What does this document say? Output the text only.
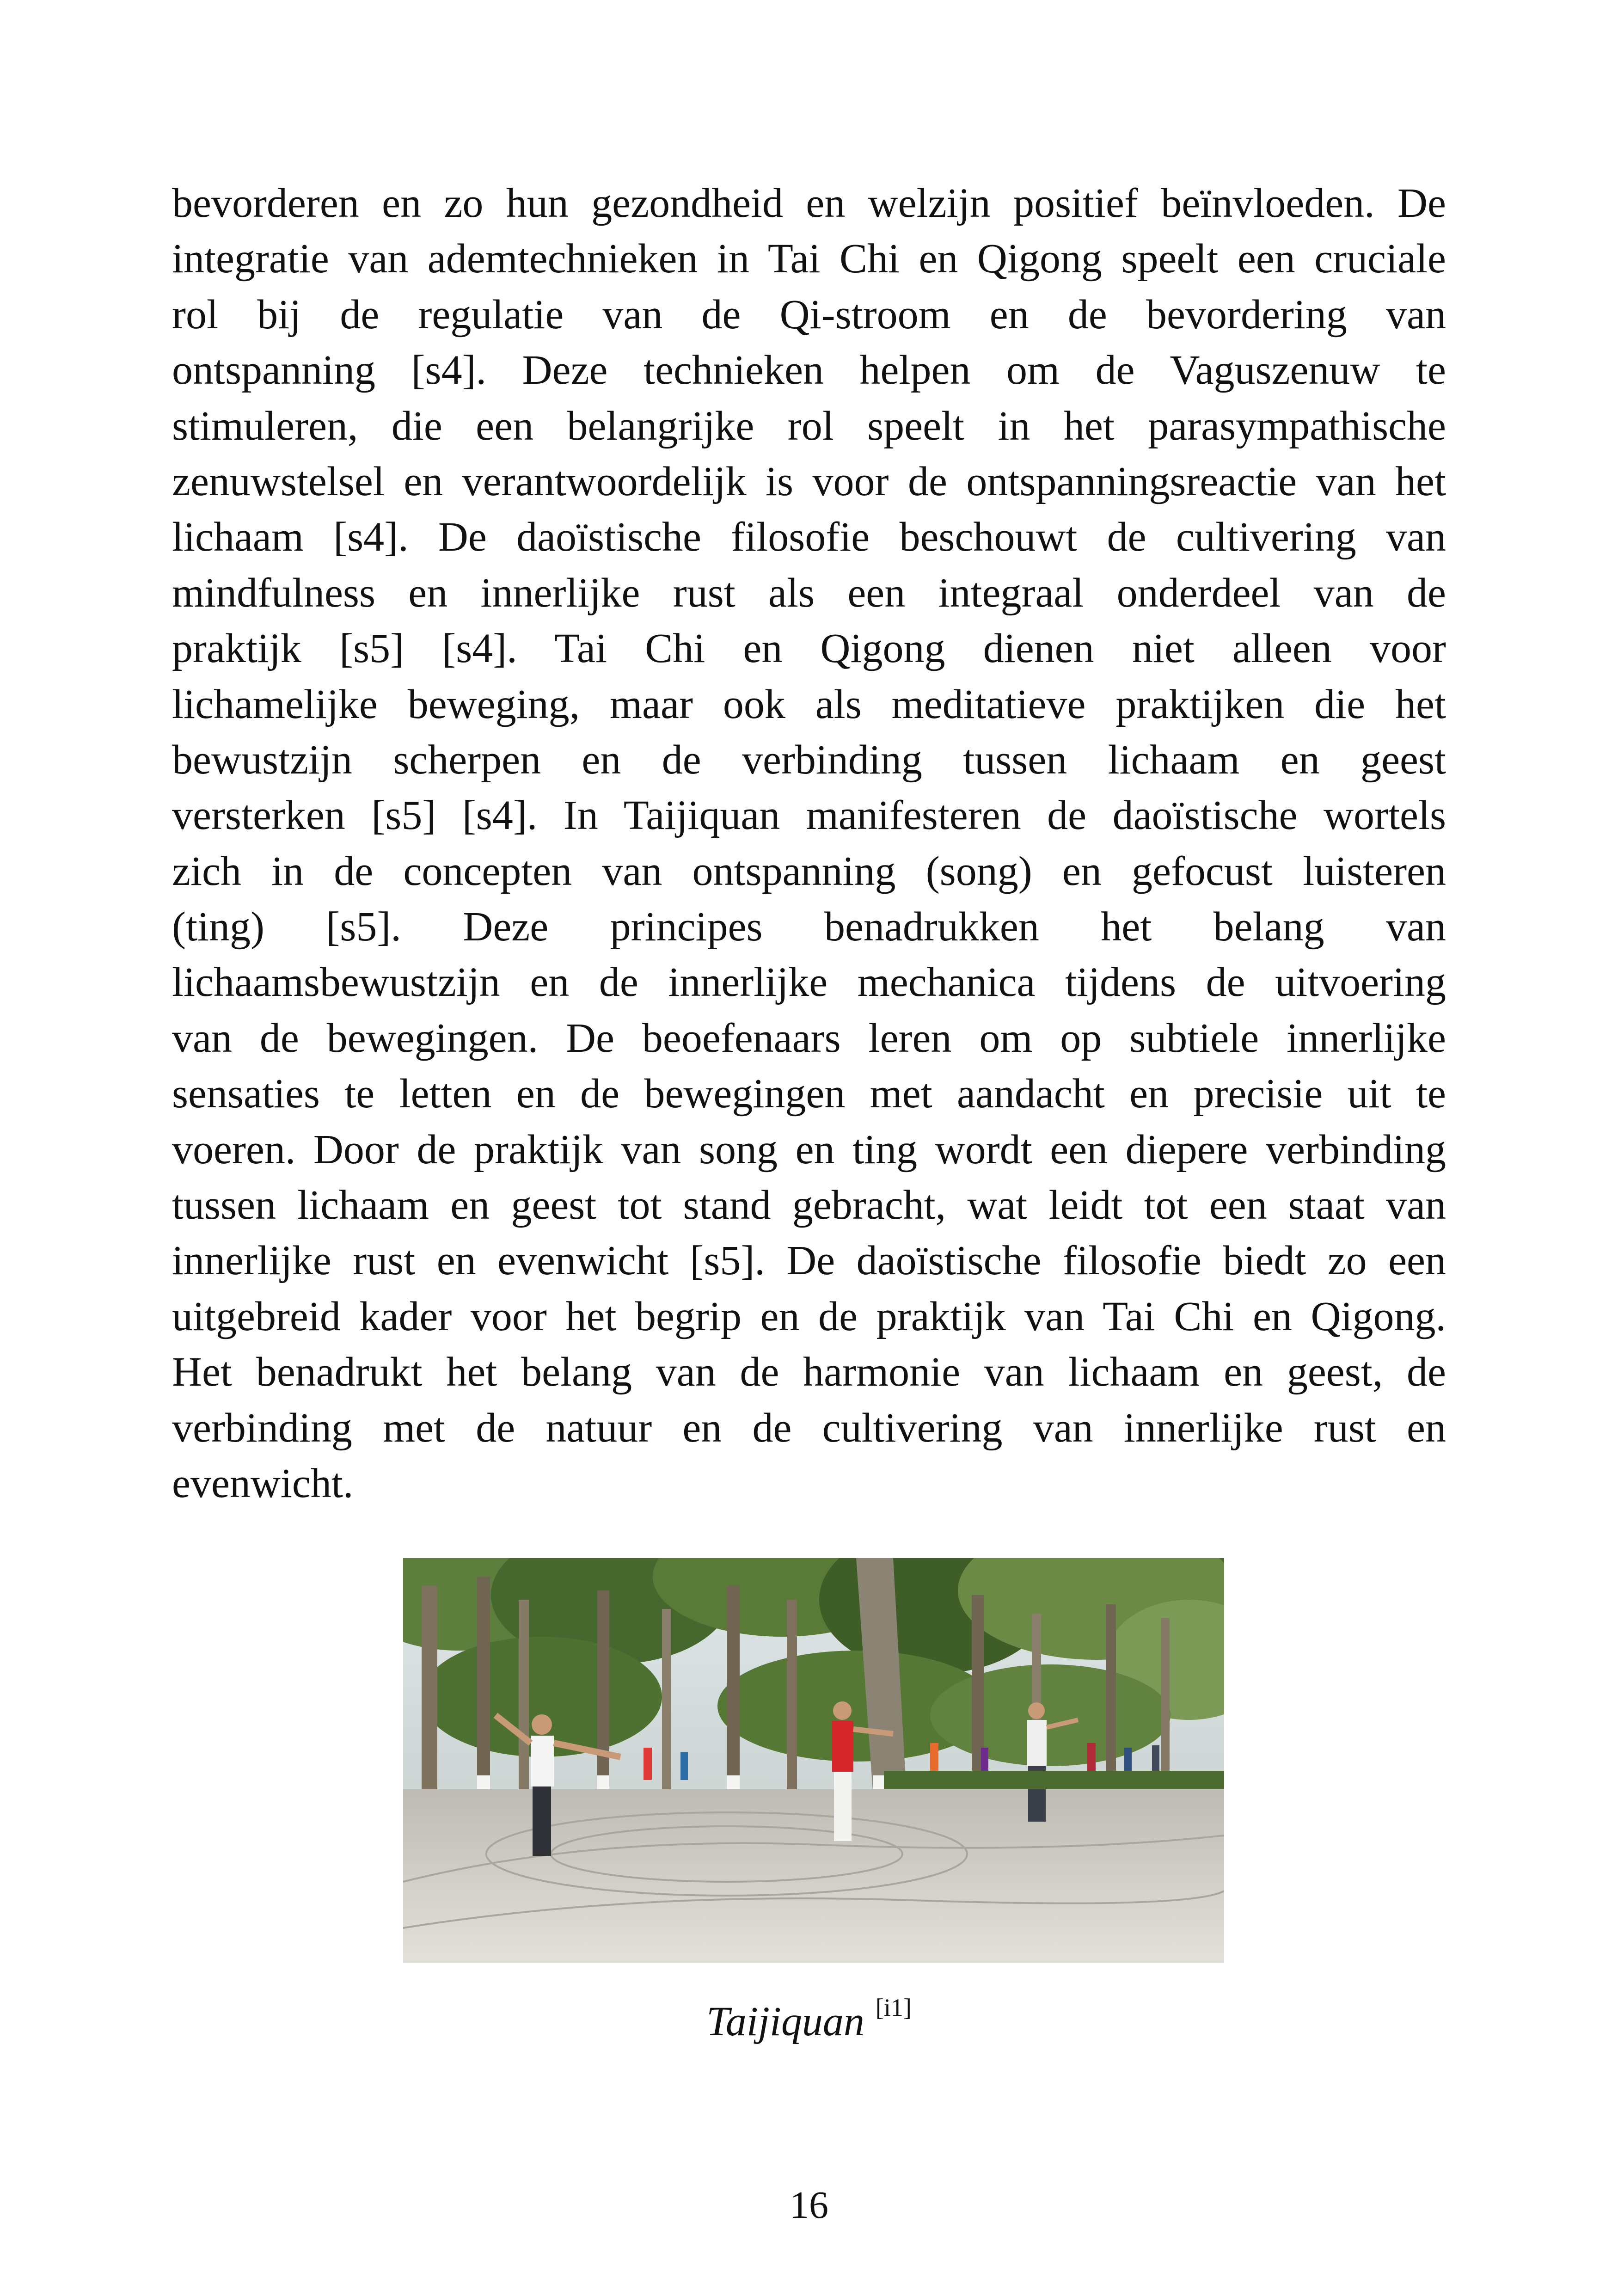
bevorderen en zo hun gezondheid en welzijn positief beïnvloeden. De
integratie van ademtechnieken in Tai Chi en Qigong speelt een cruciale
rol bij de regulatie van de Qi-stroom en de bevordering van
ontspanning [s4]. Deze technieken helpen om de Vaguszenuw te
stimuleren, die een belangrijke rol speelt in het parasympathische
zenuwstelsel en verantwoordelijk is voor de ontspanningsreactie van het
lichaam [s4]. De daoïstische filosofie beschouwt de cultivering van
mindfulness en innerlijke rust als een integraal onderdeel van de
praktijk [s5] [s4]. Tai Chi en Qigong dienen niet alleen voor
lichamelijke beweging, maar ook als meditatieve praktijken die het
bewustzijn scherpen en de verbinding tussen lichaam en geest
versterken [s5] [s4]. In Taijiquan manifesteren de daoïstische wortels
zich in de concepten van ontspanning (song) en gefocust luisteren
(ting) [s5]. Deze principes benadrukken het belang van
lichaamsbewustzijn en de innerlijke mechanica tijdens de uitvoering
van de bewegingen. De beoefenaars leren om op subtiele innerlijke
sensaties te letten en de bewegingen met aandacht en precisie uit te
voeren. Door de praktijk van song en ting wordt een diepere verbinding
tussen lichaam en geest tot stand gebracht, wat leidt tot een staat van
innerlijke rust en evenwicht [s5]. De daoïstische filosofie biedt zo een
uitgebreid kader voor het begrip en de praktijk van Tai Chi en Qigong.
Het benadrukt het belang van de harmonie van lichaam en geest, de
verbinding met de natuur en de cultivering van innerlijke rust en
evenwicht.
Taijiquan [i1]
16
